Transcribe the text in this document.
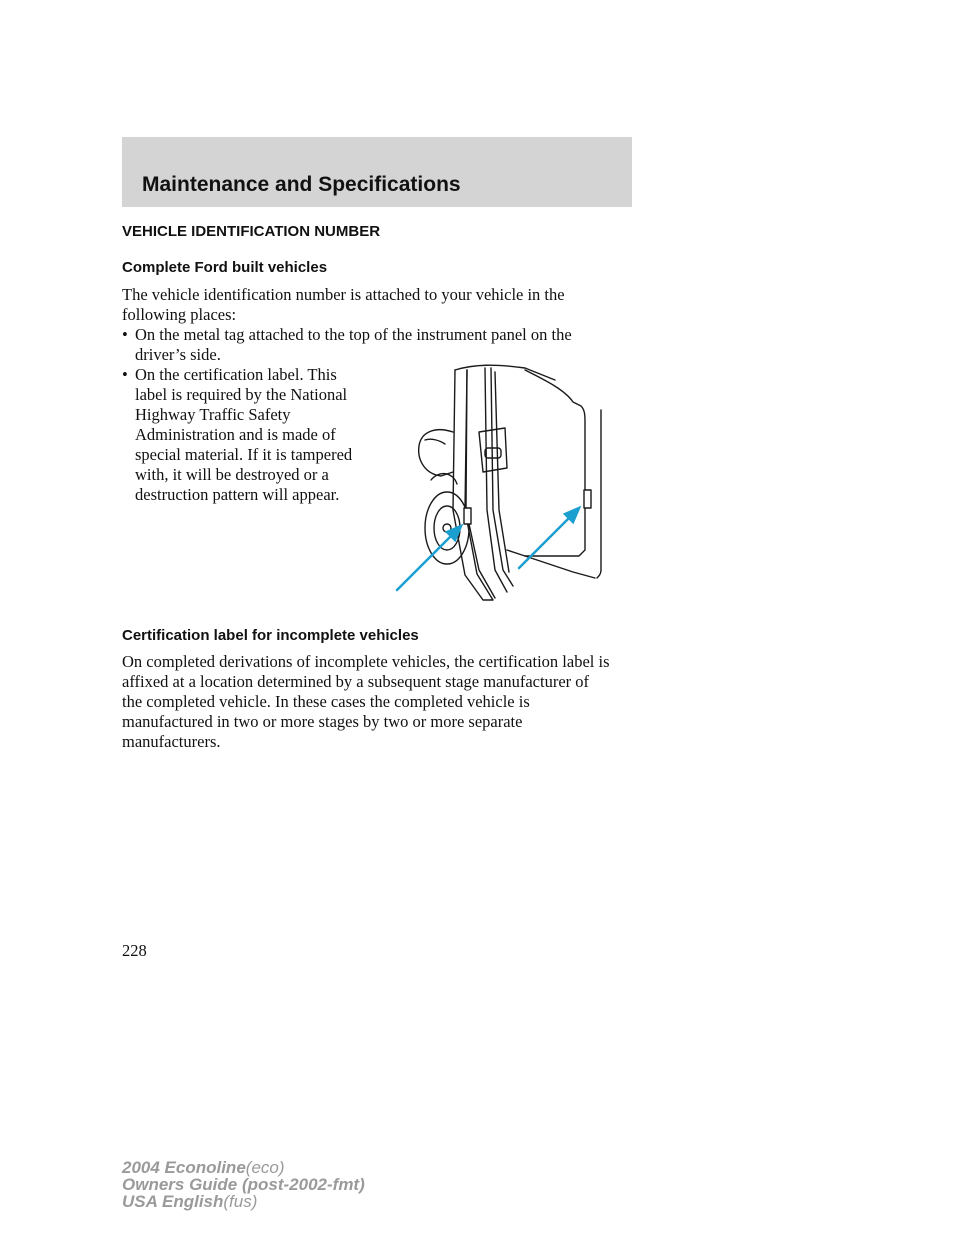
Maintenance and Specifications
VEHICLE IDENTIFICATION NUMBER
Complete Ford built vehicles
The vehicle identification number is attached to your vehicle in the
following places:
• On the metal tag attached to the top of the instrument panel on the
driver’s side.
• On the certification label. This
label is required by the National
Highway Traffic Safety
Administration and is made of
special material. If it is tampered
with, it will be destroyed or a
destruction pattern will appear.
Certification label for incomplete vehicles
On completed derivations of incomplete vehicles, the certification label is
affixed at a location determined by a subsequent stage manufacturer of
the completed vehicle. In these cases the completed vehicle is
manufactured in two or more stages by two or more separate
manufacturers.
228
2004 Econoline(eco)
Owners Guide (post-2002-fmt)
USA English(fus)
